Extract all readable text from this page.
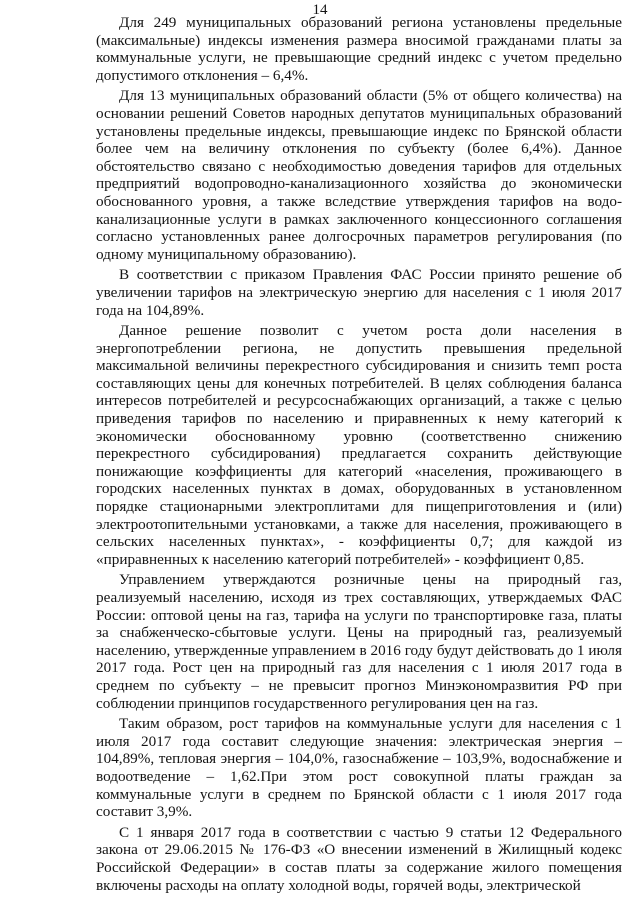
14

Для 249 муниципальных образований региона установлены предельные (максимальные) индексы изменения размера вносимой гражданами платы за коммунальные услуги, не превышающие средний индекс с учетом предельно допустимого отклонения – 6,4%.

Для 13 муниципальных образований области (5% от общего количества) на основании решений Советов народных депутатов муниципальных образований установлены предельные индексы, превышающие индекс по Брянской области более чем на величину отклонения по субъекту (более 6,4%). Данное обстоятельство связано с необходимостью доведения тарифов для отдельных предприятий водопроводно-канализационного хозяйства до экономически обоснованного уровня, а также вследствие утверждения тарифов на водо-канализационные услуги в рамках заключенного концессионного соглашения согласно установленных ранее долгосрочных параметров регулирования (по одному муниципальному образованию).

В соответствии с приказом Правления ФАС России принято решение об увеличении тарифов на электрическую энергию для населения с 1 июля 2017 года на 104,89%.

Данное решение позволит с учетом роста доли населения в энергопотреблении региона, не допустить превышения предельной максимальной величины перекрестного субсидирования и снизить темп роста составляющих цены для конечных потребителей. В целях соблюдения баланса интересов потребителей и ресурсоснабжающих организаций, а также с целью приведения тарифов по населению и приравненных к нему категорий к экономически обоснованному уровню (соответственно снижению перекрестного субсидирования) предлагается сохранить действующие понижающие коэффициенты для категорий «населения, проживающего в городских населенных пунктах в домах, оборудованных в установленном порядке стационарными электроплитами для пищеприготовления и (или) электроотопительными установками, а также для населения, проживающего в сельских населенных пунктах», - коэффициенты 0,7; для каждой из «приравненных к населению категорий потребителей» - коэффициент 0,85.

Управлением утверждаются розничные цены на природный газ, реализуемый населению, исходя из трех составляющих, утверждаемых ФАС России: оптовой цены на газ, тарифа на услуги по транспортировке газа, платы за снабженческо-сбытовые услуги. Цены на природный газ, реализуемый населению, утвержденные управлением в 2016 году будут действовать до 1 июля 2017 года. Рост цен на природный газ для населения с 1 июля 2017 года в среднем по субъекту – не превысит прогноз Минэкономразвития РФ при соблюдении принципов государственного регулирования цен на газ.

Таким образом, рост тарифов на коммунальные услуги для населения с 1 июля 2017 года составит следующие значения: электрическая энергия – 104,89%, тепловая энергия – 104,0%, газоснабжение – 103,9%, водоснабжение и водоотведение – 1,62.При этом рост совокупной платы граждан за коммунальные услуги в среднем по Брянской области с 1 июля 2017 года составит 3,9%.

С 1 января 2017 года в соответствии с частью 9 статьи 12 Федерального закона от 29.06.2015 № 176-ФЗ «О внесении изменений в Жилищный кодекс Российской Федерации» в состав платы за содержание жилого помещения включены расходы на оплату холодной воды, горячей воды, электрической
